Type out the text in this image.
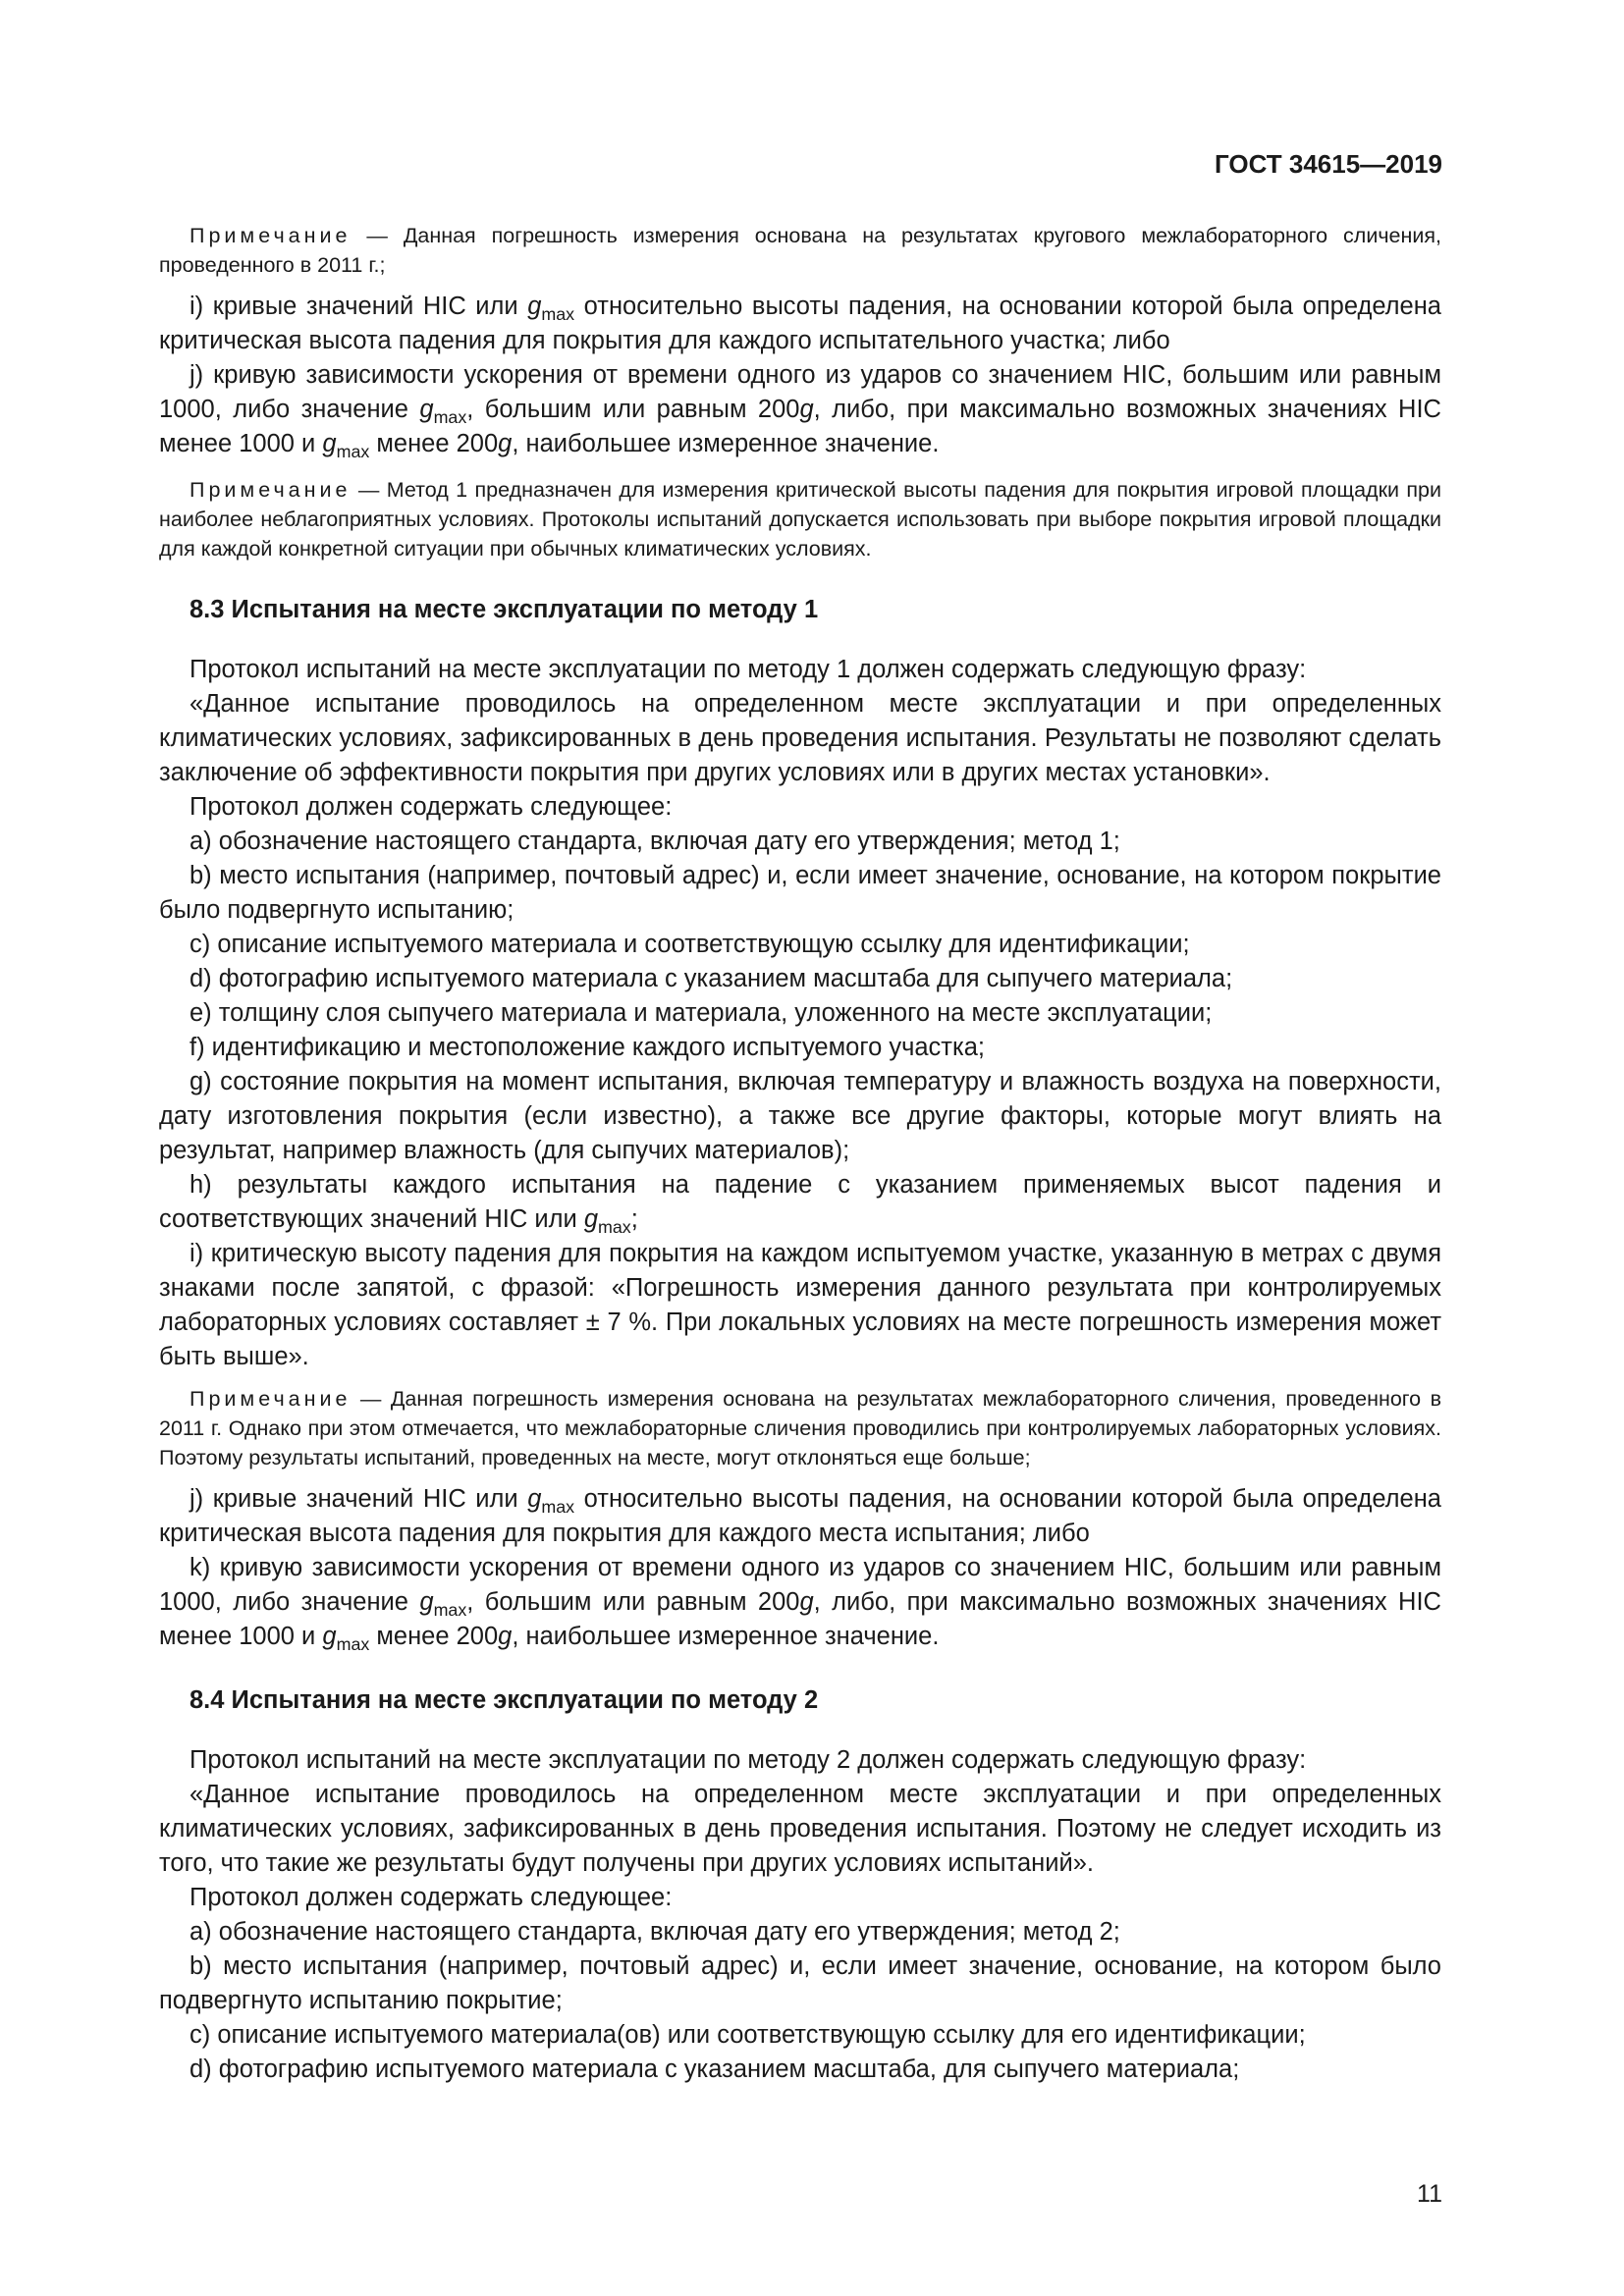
ГОСТ 34615—2019

Примечание — Данная погрешность измерения основана на результатах кругового межлабораторного сличения, проведенного в 2011 г.;

i) кривые значений HIC или $g_{max}$ относительно высоты падения, на основании которой была определена критическая высота падения для покрытия для каждого испытательного участка; либо

j) кривую зависимости ускорения от времени одного из ударов со значением HIC, большим или равным 1000, либо значение $g_{max}$, большим или равным 200g, либо, при максимально возможных значениях HIC менее 1000 и $g_{max}$ менее 200g, наибольшее измеренное значение.

Примечание — Метод 1 предназначен для измерения критической высоты падения для покрытия игровой площадки при наиболее неблагоприятных условиях. Протоколы испытаний допускается использовать при выборе покрытия игровой площадки для каждой конкретной ситуации при обычных климатических условиях.

8.3 Испытания на месте эксплуатации по методу 1

Протокол испытаний на месте эксплуатации по методу 1 должен содержать следующую фразу:

«Данное испытание проводилось на определенном месте эксплуатации и при определенных климатических условиях, зафиксированных в день проведения испытания. Результаты не позволяют сделать заключение об эффективности покрытия при других условиях или в других местах установки».

Протокол должен содержать следующее:

a) обозначение настоящего стандарта, включая дату его утверждения; метод 1;

b) место испытания (например, почтовый адрес) и, если имеет значение, основание, на котором покрытие было подвергнуто испытанию;

c) описание испытуемого материала и соответствующую ссылку для идентификации;

d) фотографию испытуемого материала с указанием масштаба для сыпучего материала;

e) толщину слоя сыпучего материала и материала, уложенного на месте эксплуатации;

f) идентификацию и местоположение каждого испытуемого участка;

g) состояние покрытия на момент испытания, включая температуру и влажность воздуха на поверхности, дату изготовления покрытия (если известно), а также все другие факторы, которые могут влиять на результат, например влажность (для сыпучих материалов);

h) результаты каждого испытания на падение с указанием применяемых высот падения и соответствующих значений HIC или $g_{max}$;

i) критическую высоту падения для покрытия на каждом испытуемом участке, указанную в метрах с двумя знаками после запятой, с фразой: «Погрешность измерения данного результата при контролируемых лабораторных условиях составляет ± 7 %. При локальных условиях на месте погрешность измерения может быть выше».

Примечание — Данная погрешность измерения основана на результатах межлабораторного сличения, проведенного в 2011 г. Однако при этом отмечается, что межлабораторные сличения проводились при контролируемых лабораторных условиях. Поэтому результаты испытаний, проведенных на месте, могут отклоняться еще больше;

j) кривые значений HIC или $g_{max}$ относительно высоты падения, на основании которой была определена критическая высота падения для покрытия для каждого места испытания; либо

k) кривую зависимости ускорения от времени одного из ударов со значением HIC, большим или равным 1000, либо значение $g_{max}$, большим или равным 200g, либо, при максимально возможных значениях HIC менее 1000 и $g_{max}$ менее 200g, наибольшее измеренное значение.

8.4 Испытания на месте эксплуатации по методу 2

Протокол испытаний на месте эксплуатации по методу 2 должен содержать следующую фразу:

«Данное испытание проводилось на определенном месте эксплуатации и при определенных климатических условиях, зафиксированных в день проведения испытания. Поэтому не следует исходить из того, что такие же результаты будут получены при других условиях испытаний».

Протокол должен содержать следующее:

a) обозначение настоящего стандарта, включая дату его утверждения; метод 2;

b) место испытания (например, почтовый адрес) и, если имеет значение, основание, на котором было подвергнуто испытанию покрытие;

c) описание испытуемого материала(ов) или соответствующую ссылку для его идентификации;

d) фотографию испытуемого материала с указанием масштаба, для сыпучего материала;

11
